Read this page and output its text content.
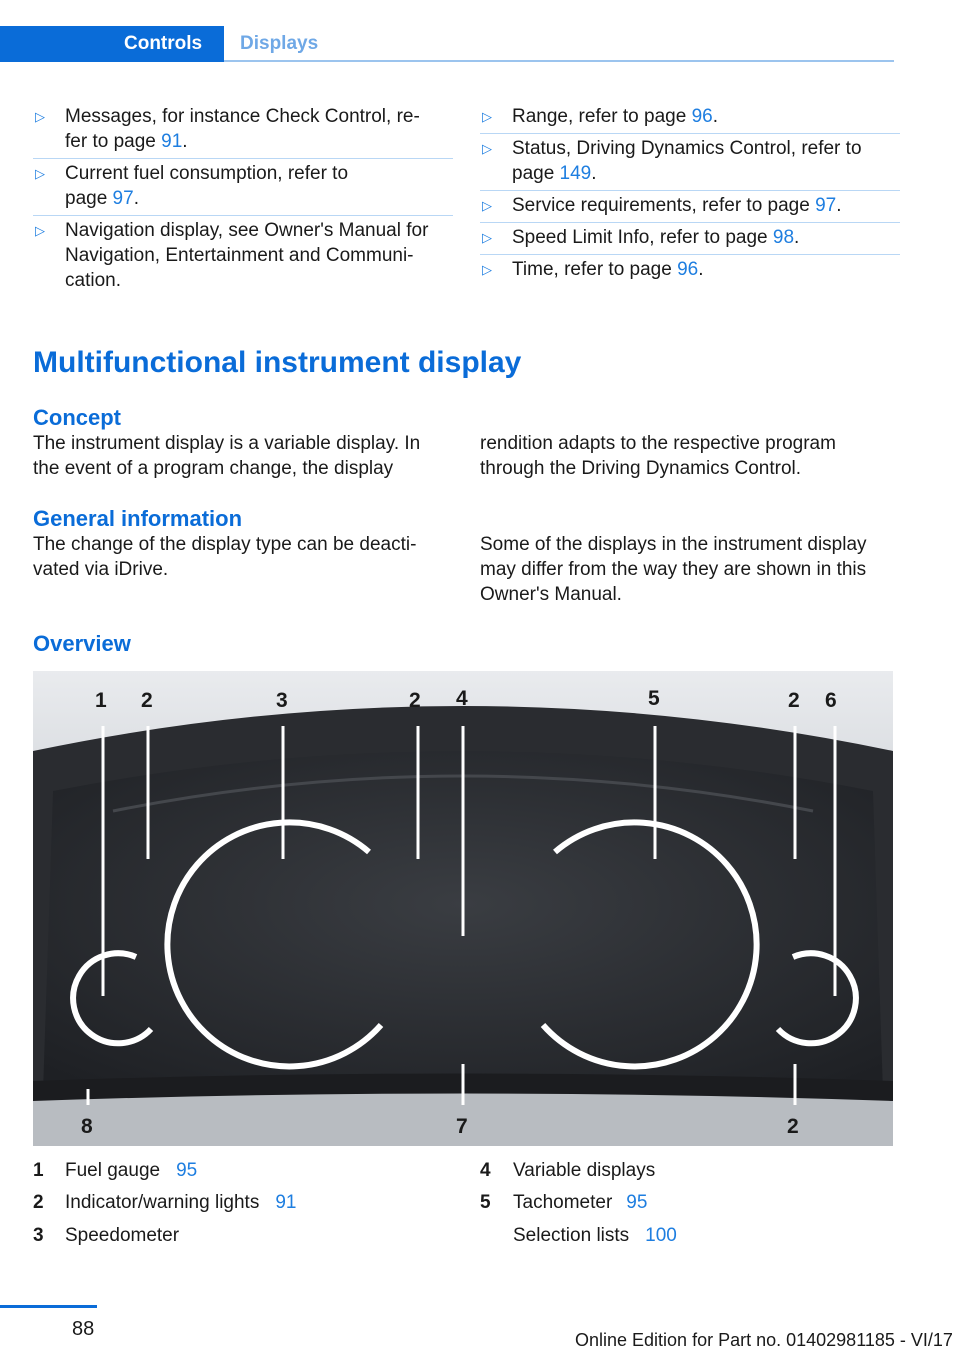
Controls	Displays
▷ Messages, for instance Check Control, re‐
fer to page 91.
▷ Current fuel consumption, refer to
page 97.
▷ Navigation display, see Owner's Manual for
Navigation, Entertainment and Communi‐
cation.
▷ Range, refer to page 96.
▷ Status, Driving Dynamics Control, refer to
page 149.
▷ Service requirements, refer to page 97.
▷ Speed Limit Info, refer to page 98.
▷ Time, refer to page 96.
Multifunctional instrument display
Concept
The instrument display is a variable display. In
the event of a program change, the display
rendition adapts to the respective program
through the Driving Dynamics Control.
General information
The change of the display type can be deacti‐
vated via iDrive.
Some of the displays in the instrument display
may differ from the way they are shown in this
Owner's Manual.
Overview
1 2	3	2 4	5	2 6
8	7	2
1 Fuel gauge 95
2 Indicator/warning lights 91
3 Speedometer
4 Variable displays
5 Tachometer 95
Selection lists 100
88	Online Edition for Part no. 01402981185 - VI/17
